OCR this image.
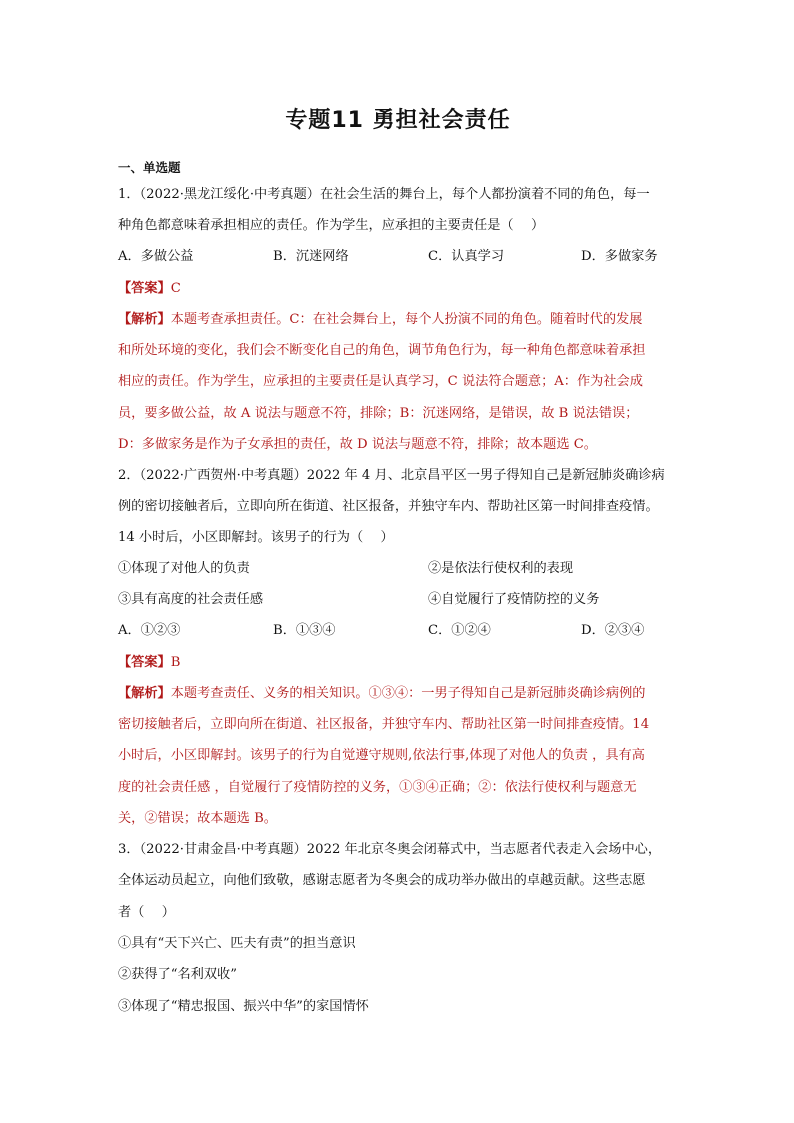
专题11 勇担社会责任
一、单选题
1．（2022·黑龙江绥化·中考真题）在社会生活的舞台上，每个人都扮演着不同的角色，每一
种角色都意味着承担相应的责任。作为学生，应承担的主要责任是（　 ）
A．多做公益	B．沉迷网络	C．认真学习	D．多做家务
【答案】C
【解析】本题考查承担责任。C：在社会舞台上，每个人扮演不同的角色。随着时代的发展
和所处环境的变化，我们会不断变化自己的角色，调节角色行为，每一种角色都意味着承担
相应的责任。作为学生，应承担的主要责任是认真学习，C 说法符合题意；A：作为社会成
员，要多做公益，故 A 说法与题意不符，排除；B：沉迷网络，是错误，故 B 说法错误；
D：多做家务是作为子女承担的责任，故 D 说法与题意不符，排除；故本题选 C。
2．（2022·广西贺州·中考真题）2022 年 4 月、北京昌平区一男子得知自己是新冠肺炎确诊病
例的密切接触者后，立即向所在街道、社区报备，并独守车内、帮助社区第一时间排查疫情。
14 小时后，小区即解封。该男子的行为（　 ）
①体现了对他人的负责	②是依法行使权利的表现
③具有高度的社会责任感	④自觉履行了疫情防控的义务
A．①②③	B．①③④	C．①②④	D．②③④
【答案】B
【解析】本题考查责任、义务的相关知识。①③④：一男子得知自己是新冠肺炎确诊病例的
密切接触者后，立即向所在街道、社区报备，并独守车内、帮助社区第一时间排查疫情。14
小时后，小区即解封。该男子的行为自觉遵守规则,依法行事,体现了对他人的负责 ，具有高
度的社会责任感 ，自觉履行了疫情防控的义务，①③④正确；②：依法行使权利与题意无
关，②错误；故本题选 B。
3．（2022·甘肃金昌·中考真题）2022 年北京冬奥会闭幕式中，当志愿者代表走入会场中心，
全体运动员起立，向他们致敬，感谢志愿者为冬奥会的成功举办做出的卓越贡献。这些志愿
者（　 ）
①具有“天下兴亡、匹夫有责”的担当意识
②获得了“名利双收”
③体现了“精忠报国、振兴中华”的家国情怀
